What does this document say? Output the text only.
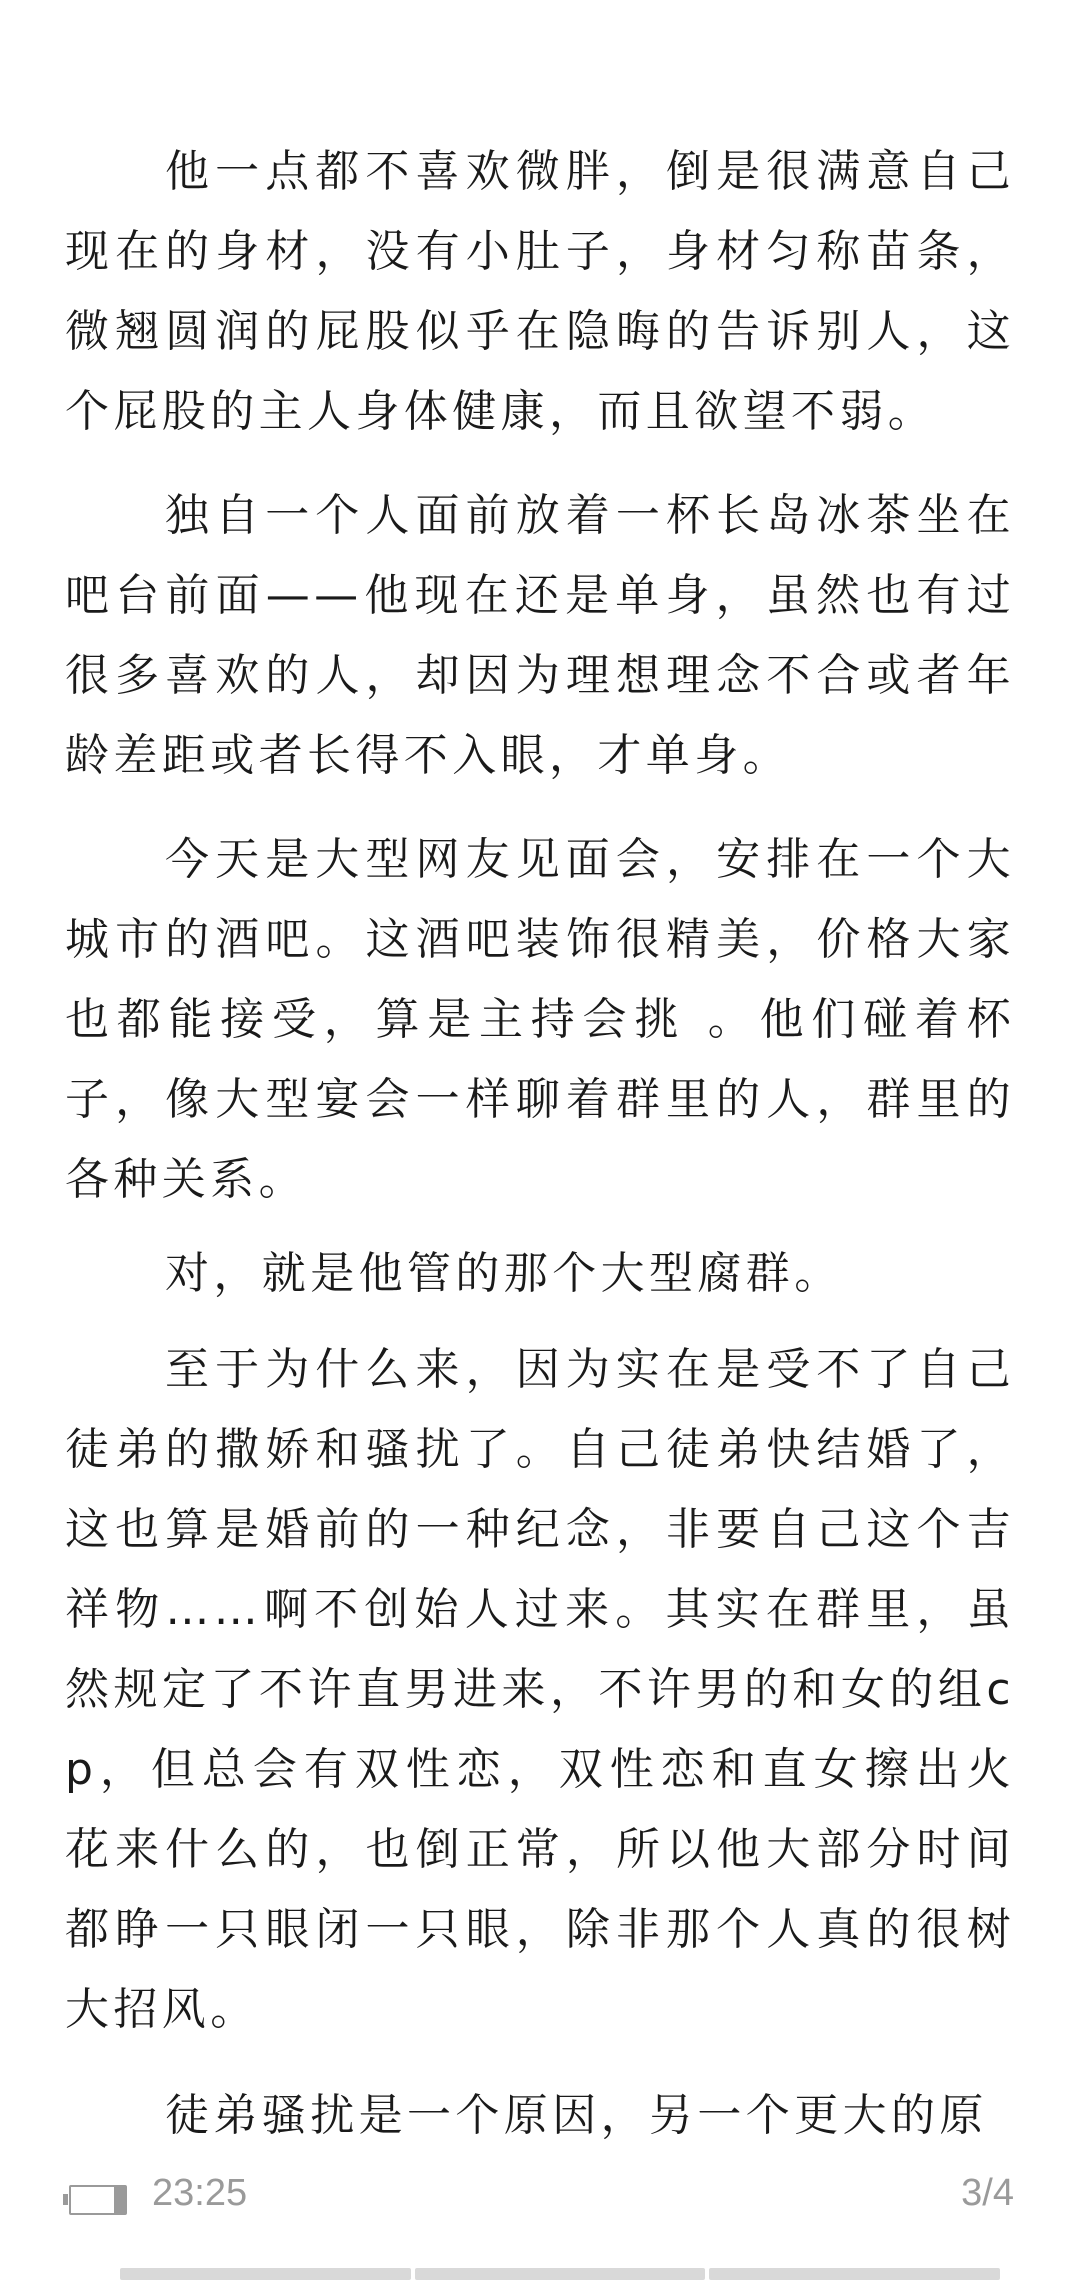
他一点都不喜欢微胖，倒是很满意自己现在的身材，没有小肚子，身材匀称苗条，微翘圆润的屁股似乎在隐晦的告诉别人，这个屁股的主人身体健康，而且欲望不弱。

独自一个人面前放着一杯长岛冰茶坐在吧台前面——他现在还是单身，虽然也有过很多喜欢的人，却因为理想理念不合或者年龄差距或者长得不入眼，才单身。

今天是大型网友见面会，安排在一个大城市的酒吧。这酒吧装饰很精美，价格大家也都能接受，算是主持会挑 。他们碰着杯子，像大型宴会一样聊着群里的人，群里的各种关系。

对，就是他管的那个大型腐群。

至于为什么来，因为实在是受不了自己徒弟的撒娇和骚扰了。自己徒弟快结婚了，这也算是婚前的一种纪念，非要自己这个吉祥物……啊不创始人过来。其实在群里，虽然规定了不许直男进来，不许男的和女的组cp，但总会有双性恋，双性恋和直女擦出火花来什么的，也倒正常，所以他大部分时间都睁一只眼闭一只眼，除非那个人真的很树大招风。

徒弟骚扰是一个原因，另一个更大的原

23:25	3/4
